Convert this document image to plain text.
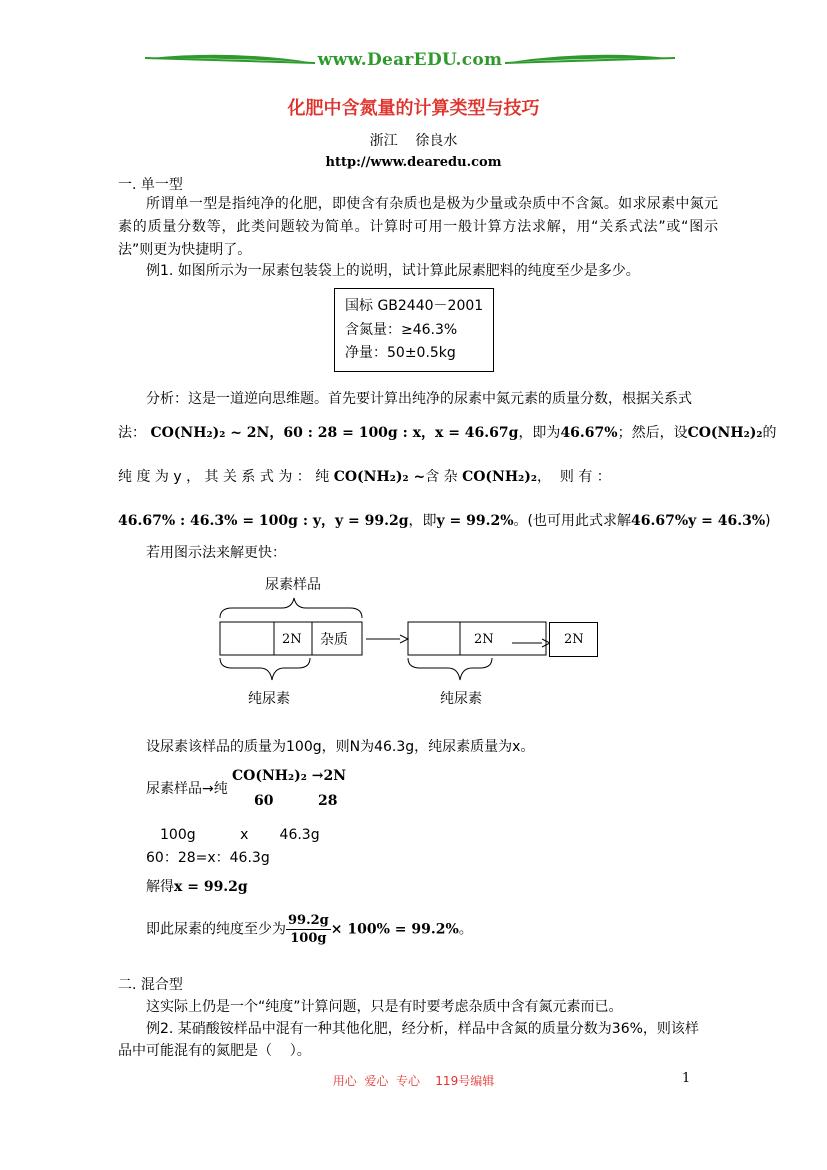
www.DearEDU.com
化肥中含氮量的计算类型与技巧
浙江    徐良水
http://www.dearedu.com
一. 单一型
所谓单一型是指纯净的化肥，即使含有杂质也是极为少量或杂质中不含氮。如求尿素中氮元素的质量分数等，此类问题较为简单。计算时可用一般计算方法求解，用“关系式法”或“图示法”则更为快捷明了。
例1. 如图所示为一尿素包装袋上的说明，试计算此尿素肥料的纯度至少是多少。
国标 GB2440－2001
含氮量：≥46.3%
净量：50±0.5kg
分析：这是一道逆向思维题。首先要计算出纯净的尿素中氮元素的质量分数，根据关系式
法： CO(NH₂)₂ ~ 2N，60 : 28 = 100g : x，x = 46.67g，即为46.67%；然后，设CO(NH₂)₂的
纯 度 为 y ， 其 关 系 式 为 ： 纯 CO(NH₂)₂ ~含 杂 CO(NH₂)₂，  则 有 ：
46.67% : 46.3% = 100g : y，y = 99.2g，即y = 99.2%。(也可用此式求解46.67%y = 46.3%)
若用图示法来解更快：
尿素样品
2N 杂质	2N
纯尿素	纯尿素
2N
设尿素该样品的质量为100g，则N为46.3g，纯尿素质量为x。
尿素样品→纯
CO(NH₂)₂ →2N
60	28
100g          x       46.3g
60：28=x：46.3g
解得x = 99.2g
即此尿素的纯度至少为 $\frac{99.2g}{100g} \times 100\% = 99.2\%$。
二. 混合型
这实际上仍是一个“纯度”计算问题，只是有时要考虑杂质中含有氮元素而已。
例2. 某硝酸铵样品中混有一种其他化肥，经分析，样品中含氮的质量分数为36%，则该样
品中可能混有的氮肥是（    ）。
用心  爱心  专心    119号编辑	1
